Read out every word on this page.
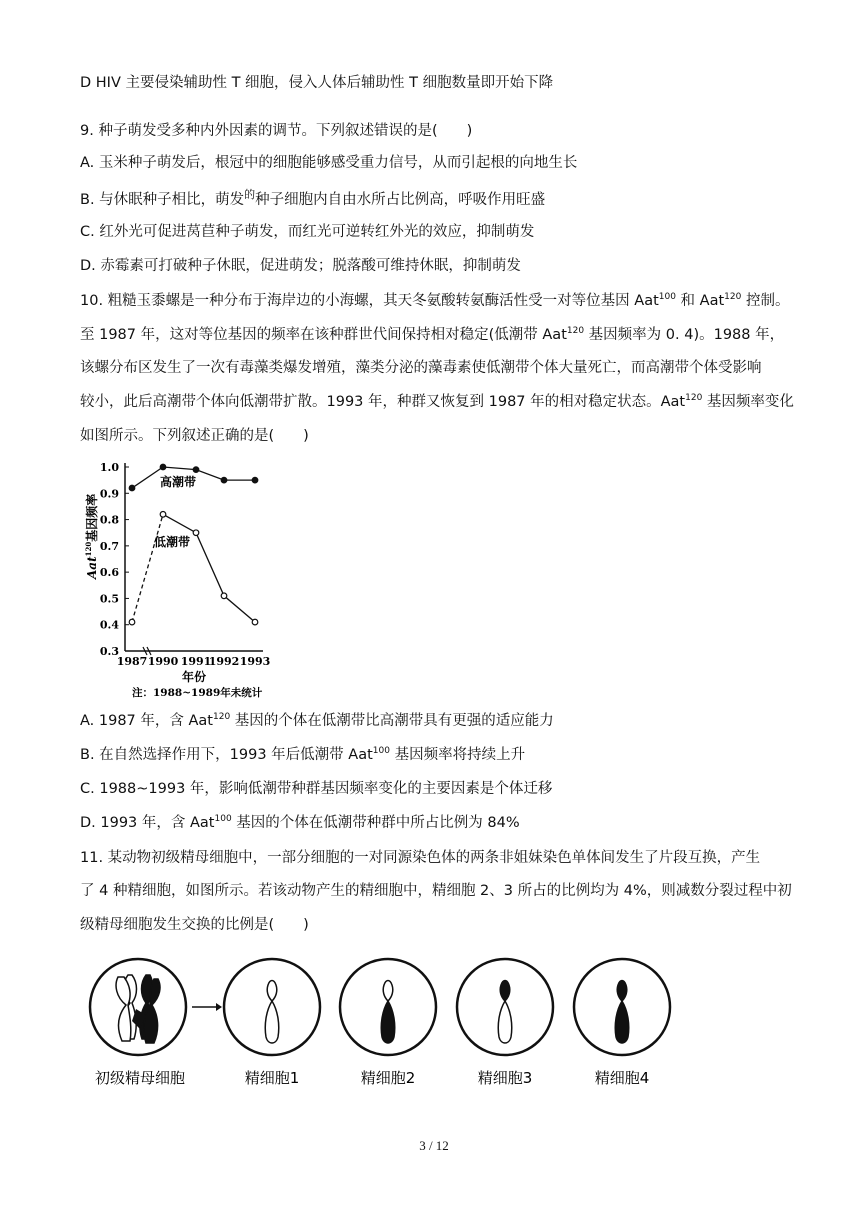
D HIV 主要侵染辅助性 T 细胞，侵入人体后辅助性 T 细胞数量即开始下降
9. 种子萌发受多种内外因素的调节。下列叙述错误的是(　　)
A. 玉米种子萌发后，根冠中的细胞能够感受重力信号，从而引起根的向地生长
B. 与休眠种子相比，萌发$^的$种子细胞内自由水所占比例高，呼吸作用旺盛
C. 红外光可促进莴苣种子萌发，而红光可逆转红外光的效应，抑制萌发
D. 赤霉素可打破种子休眠，促进萌发；脱落酸可维持休眠，抑制萌发
10. 粗糙玉黍螺是一种分布于海岸边的小海螺，其天冬氨酸转氨酶活性受一对等位基因 Aat$^{100}$ 和 Aat$^{120}$ 控制。
至 1987 年，这对等位基因的频率在该种群世代间保持相对稳定(低潮带 Aat$^{120}$ 基因频率为 0. 4)。1988 年，
该螺分布区发生了一次有毒藻类爆发增殖，藻类分泌的藻毒素使低潮带个体大量死亡，而高潮带个体受影响
较小，此后高潮带个体向低潮带扩散。1993 年，种群又恢复到 1987 年的相对稳定状态。Aat$^{120}$ 基因频率变化
如图所示。下列叙述正确的是(　　)
0.3
0.4
0.5
0.6
0.7
0.8
0.9
1.0
1987 1990 1991
1992 1993
年份
注：1988~1989年未统计
Aat$^{120}$基因频率
高潮带
低潮带
A. 1987 年，含 Aat$^{120}$ 基因的个体在低潮带比高潮带具有更强的适应能力
B. 在自然选择作用下，1993 年后低潮带 Aat$^{100}$ 基因频率将持续上升
C. 1988~1993 年，影响低潮带种群基因频率变化的主要因素是个体迁移
D. 1993 年，含 Aat$^{100}$ 基因的个体在低潮带种群中所占比例为 84%
11. 某动物初级精母细胞中，一部分细胞的一对同源染色体的两条非姐妹染色单体间发生了片段互换，产生
了 4 种精细胞，如图所示。若该动物产生的精细胞中，精细胞 2、3 所占的比例均为 4%，则减数分裂过程中初
级精母细胞发生交换的比例是(　　)
初级精母细胞	精细胞1	精细胞2	精细胞3	精细胞4
3 / 12
